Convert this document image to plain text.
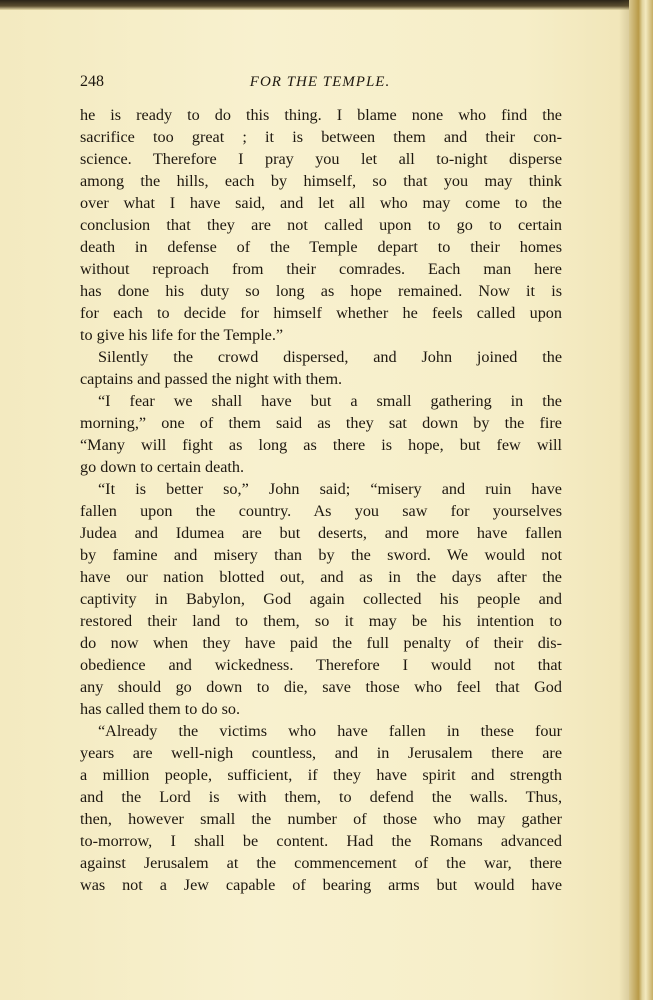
248	FOR THE TEMPLE.
he is ready to do this thing. I blame none who find the
sacrifice too great ; it is between them and their con-
science. Therefore I pray you let all to-night disperse
among the hills, each by himself, so that you may think
over what I have said, and let all who may come to the
conclusion that they are not called upon to go to certain
death in defense of the Temple depart to their homes
without reproach from their comrades. Each man here
has done his duty so long as hope remained. Now it is
for each to decide for himself whether he feels called upon
to give his life for the Temple.”
Silently the crowd dispersed, and John joined the
captains and passed the night with them.
“I fear we shall have but a small gathering in the
morning,” one of them said as they sat down by the fire
“Many will fight as long as there is hope, but few will
go down to certain death.
“It is better so,” John said; “misery and ruin have
fallen upon the country. As you saw for yourselves
Judea and Idumea are but deserts, and more have fallen
by famine and misery than by the sword. We would not
have our nation blotted out, and as in the days after the
captivity in Babylon, God again collected his people and
restored their land to them, so it may be his intention to
do now when they have paid the full penalty of their dis-
obedience and wickedness. Therefore I would not that
any should go down to die, save those who feel that God
has called them to do so.
“Already the victims who have fallen in these four
years are well-nigh countless, and in Jerusalem there are
a million people, sufficient, if they have spirit and strength
and the Lord is with them, to defend the walls. Thus,
then, however small the number of those who may gather
to-morrow, I shall be content. Had the Romans advanced
against Jerusalem at the commencement of the war, there
was not a Jew capable of bearing arms but would have
